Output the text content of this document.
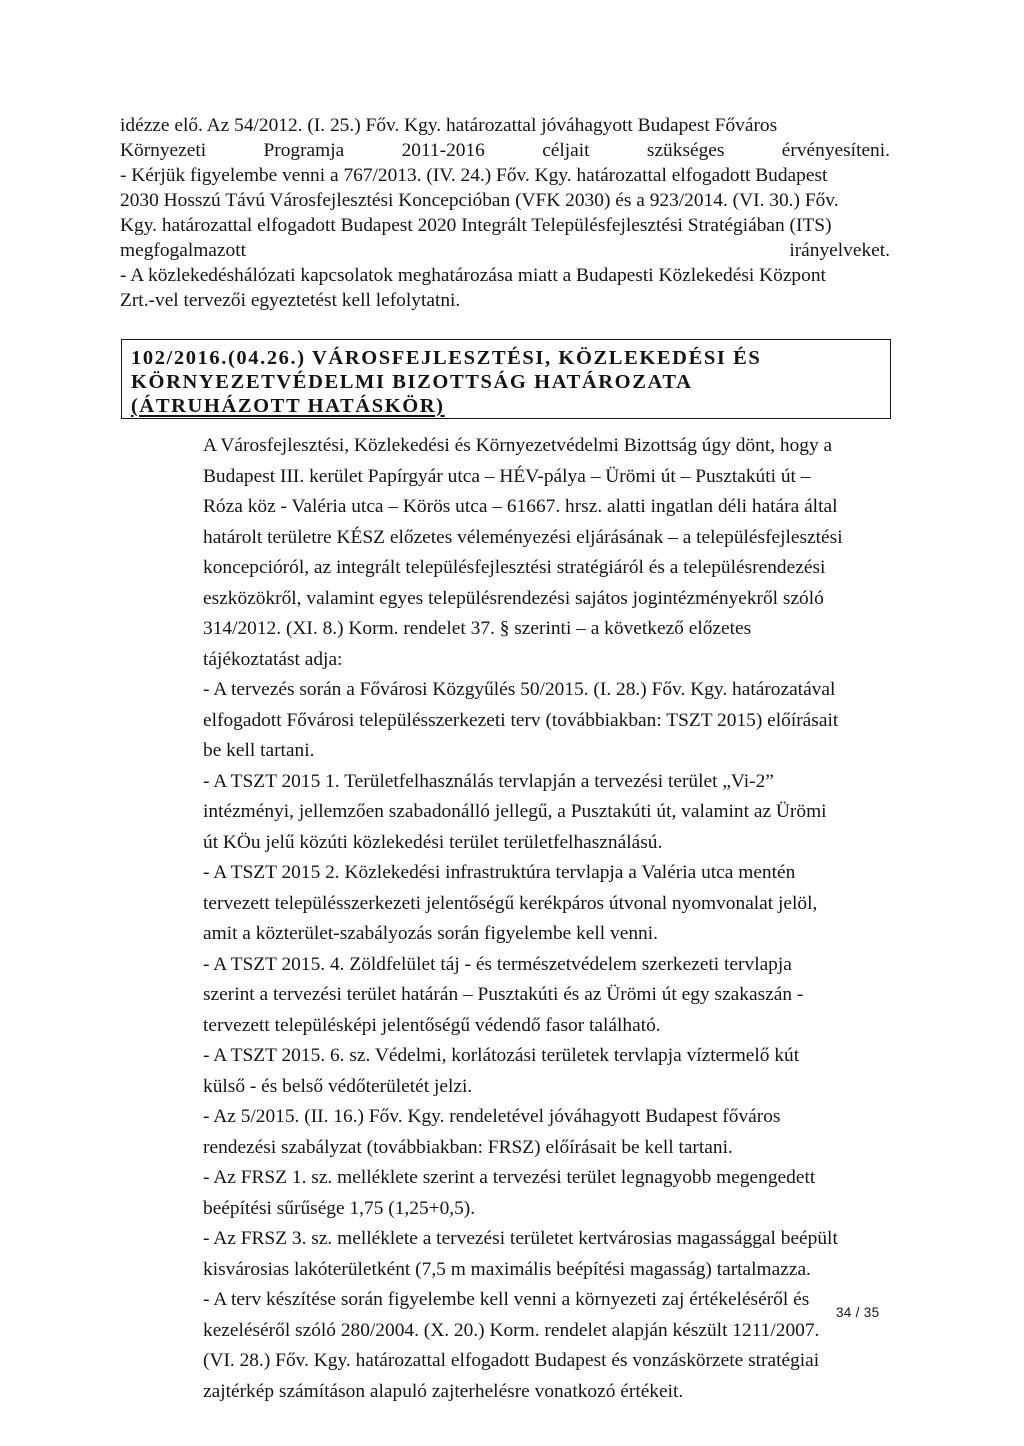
idézze elő. Az 54/2012. (I. 25.) Főv. Kgy. határozattal jóváhagyott Budapest Főváros
Környezeti Programja 2011-2016 céljait szükséges érvényesíteni.
- Kérjük figyelembe venni a 767/2013. (IV. 24.) Főv. Kgy. határozattal elfogadott Budapest
2030 Hosszú Távú Városfejlesztési Koncepcióban (VFK 2030) és a 923/2014. (VI. 30.) Főv.
Kgy. határozattal elfogadott Budapest 2020 Integrált Településfejlesztési Stratégiában (ITS)
megfogalmazott irányelveket.
- A közlekedéshálózati kapcsolatok meghatározása miatt a Budapesti Közlekedési Központ
Zrt.-vel tervezői egyeztetést kell lefolytatni.
102/2016.(04.26.) VÁROSFEJLESZTÉSI, KÖZLEKEDÉSI ÉS
KÖRNYEZETVÉDELMI BIZOTTSÁG HATÁROZATA
(ÁTRUHÁZOTT HATÁSKÖR)
A Városfejlesztési, Közlekedési és Környezetvédelmi Bizottság úgy dönt, hogy a
Budapest III. kerület Papírgyár utca – HÉV-pálya – Ürömi út – Pusztakúti út –
Róza köz - Valéria utca – Körös utca – 61667. hrsz. alatti ingatlan déli határa által
határolt területre KÉSZ előzetes véleményezési eljárásának – a településfejlesztési
koncepcióról, az integrált településfejlesztési stratégiáról és a településrendezési
eszközökről, valamint egyes településrendezési sajátos jogintézményekről szóló
314/2012. (XI. 8.) Korm. rendelet 37. § szerinti – a következő előzetes
tájékoztatást adja:
- A tervezés során a Fővárosi Közgyűlés 50/2015. (I. 28.) Főv. Kgy. határozatával
elfogadott Fővárosi településszerkezeti terv (továbbiakban: TSZT 2015) előírásait
be kell tartani.
- A TSZT 2015 1. Területfelhasználás tervlapján a tervezési terület „Vi-2”
intézményi, jellemzően szabadonálló jellegű, a Pusztakúti út, valamint az Ürömi
út KÖu jelű közúti közlekedési terület területfelhasználású.
- A TSZT 2015 2. Közlekedési infrastruktúra tervlapja a Valéria utca mentén
tervezett településszerkezeti jelentőségű kerékpáros útvonal nyomvonalat jelöl,
amit a közterület-szabályozás során figyelembe kell venni.
- A TSZT 2015. 4. Zöldfelület táj - és természetvédelem szerkezeti tervlapja
szerint a tervezési terület határán – Pusztakúti és az Ürömi út egy szakaszán -
tervezett településképi jelentőségű védendő fasor található.
- A TSZT 2015. 6. sz. Védelmi, korlátozási területek tervlapja víztermelő kút
külső - és belső védőterületét jelzi.
- Az 5/2015. (II. 16.) Főv. Kgy. rendeletével jóváhagyott Budapest főváros
rendezési szabályzat (továbbiakban: FRSZ) előírásait be kell tartani.
- Az FRSZ 1. sz. melléklete szerint a tervezési terület legnagyobb megengedett
beépítési sűrűsége 1,75 (1,25+0,5).
- Az FRSZ 3. sz. melléklete a tervezési területet kertvárosias magassággal beépült
kisvárosias lakóterületként (7,5 m maximális beépítési magasság) tartalmazza.
- A terv készítése során figyelembe kell venni a környezeti zaj értékeléséről és
kezeléséről szóló 280/2004. (X. 20.) Korm. rendelet alapján készült 1211/2007.
(VI. 28.) Főv. Kgy. határozattal elfogadott Budapest és vonzáskörzete stratégiai
zajtérkép számításon alapuló zajterhelésre vonatkozó értékeit.
34 / 35
